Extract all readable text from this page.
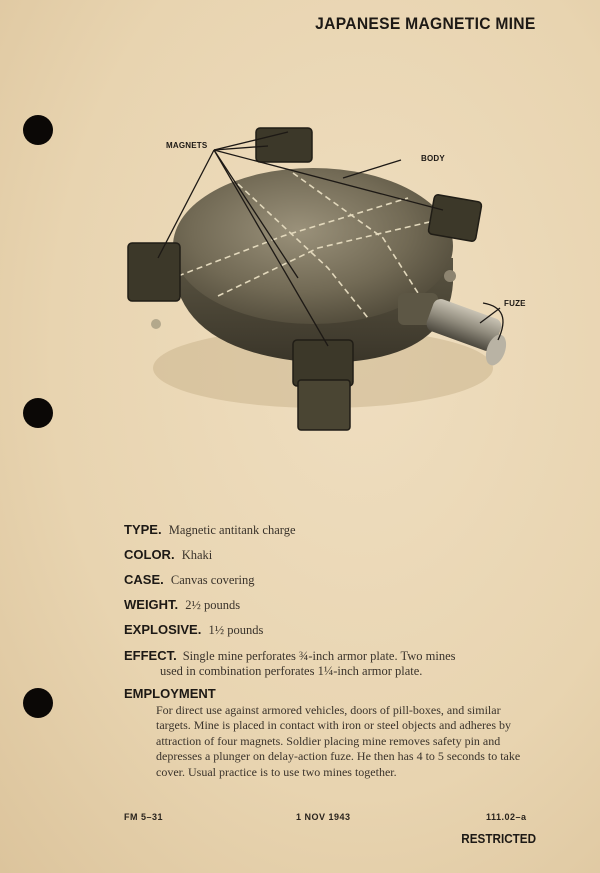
JAPANESE MAGNETIC MINE
MAGNETS
BODY
FUZE
TYPE. Magnetic antitank charge
COLOR. Khaki
CASE. Canvas covering
WEIGHT. 2½ pounds
EXPLOSIVE. 1½ pounds
EFFECT. Single mine perforates ¾-inch armor plate. Two mines
used in combination perforates 1¼-inch armor plate.
EMPLOYMENT
For direct use against armored vehicles, doors of pill-boxes, and similar targets. Mine is placed in contact with iron or steel objects and adheres by attraction of four magnets. Soldier placing mine removes safety pin and depresses a plunger on delay-action fuze. He then has 4 to 5 seconds to take cover. Usual practice is to use two mines together.
FM 5–31	1 NOV 1943	111.02–a
RESTRICTED
